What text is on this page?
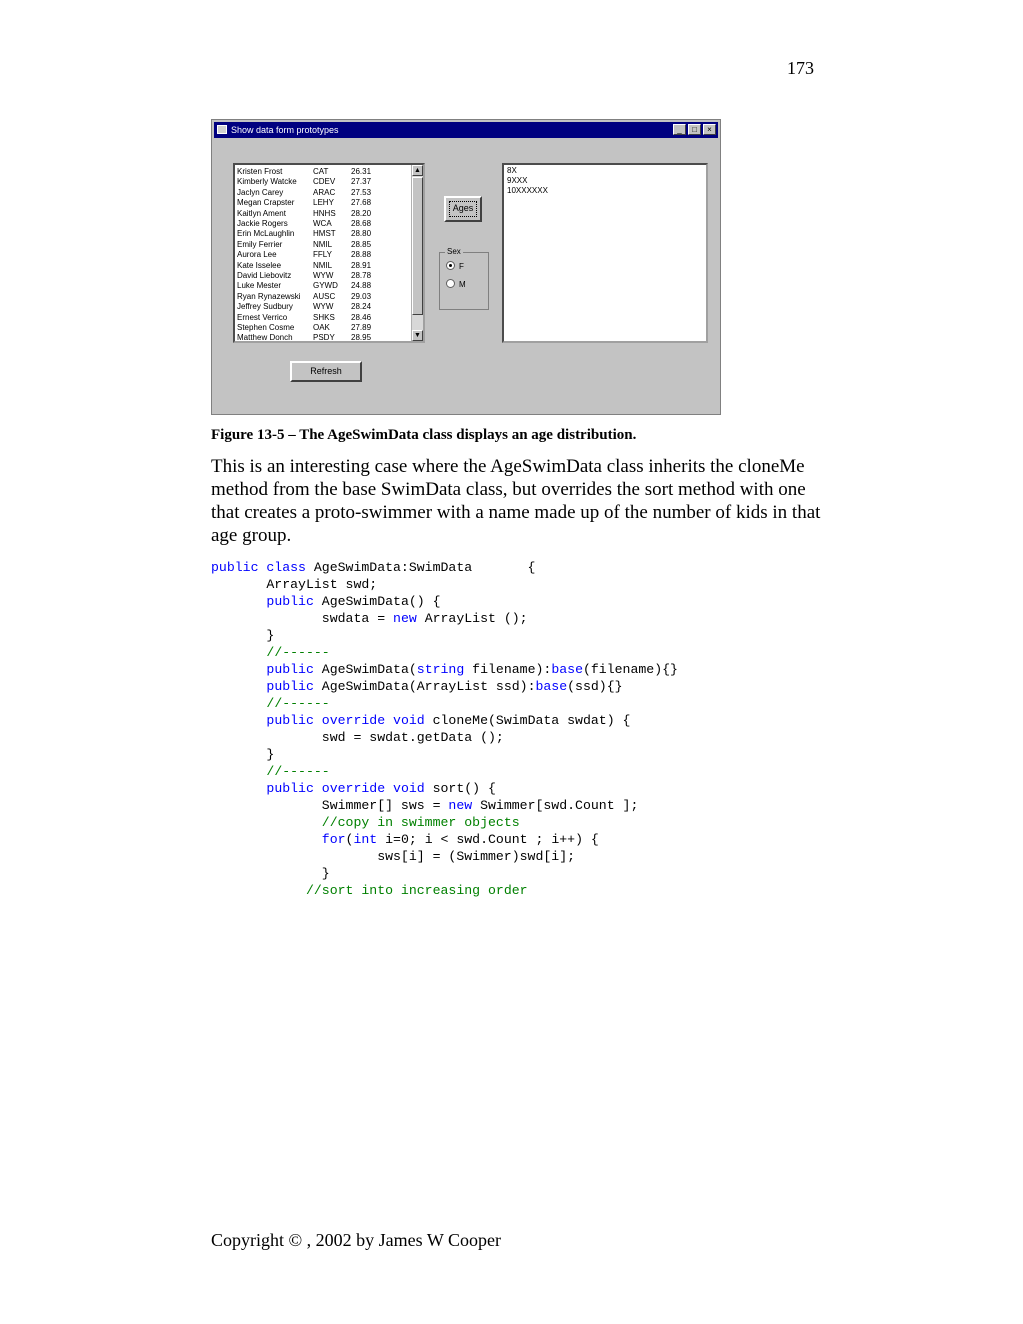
173
Show data form prototypes	_	□	×
▲
▼
Kristen Frost	CAT	26.31
Kimberly Watcke CDEV 27.37
Jaclyn Carey	ARAC 27.53
Megan Crapster LEHY 27.68
Kaitlyn Ament	HNHS 28.20
Jackie Rogers	WCA 28.68
Erin McLaughlin HMST 28.80
Emily Ferrier	NMIL 28.85
Aurora Lee	FFLY 28.88
Kate Isselee	NMIL 28.91
David Liebovitz	WYW 28.78
Luke Mester	GYWD 24.88
Ryan Rynazewski AUSC 29.03
Jeffrey Sudbury	WYW 28.24
Ernest Verrico	SHKS 28.46
Stephen Cosme OAK	27.89
Matthew Donch	PSDY 28.95
Ages
Sex
F
M
8X
9XXX
10XXXXXX
Refresh
Figure 13-5 – The AgeSwimData class displays an age distribution.
This is an interesting case where the AgeSwimData class inherits the cloneMe method from the base SwimData class, but overrides the sort method with one that creates a proto-swimmer with a name made up of the number of kids in that age group.
public class AgeSwimData:SwimData       {
ArrayList swd;
public AgeSwimData() {
swdata = new ArrayList ();
}
//------
public AgeSwimData(string filename):base(filename){}
public AgeSwimData(ArrayList ssd):base(ssd){}
//------
public override void cloneMe(SwimData swdat) {
swd = swdat.getData ();
}
//------
public override void sort() {
Swimmer[] sws = new Swimmer[swd.Count ];
//copy in swimmer objects
for(int i=0; i < swd.Count ; i++) {
sws[i] = (Swimmer)swd[i];
}
//sort into increasing order
Copyright © , 2002 by James W Cooper
